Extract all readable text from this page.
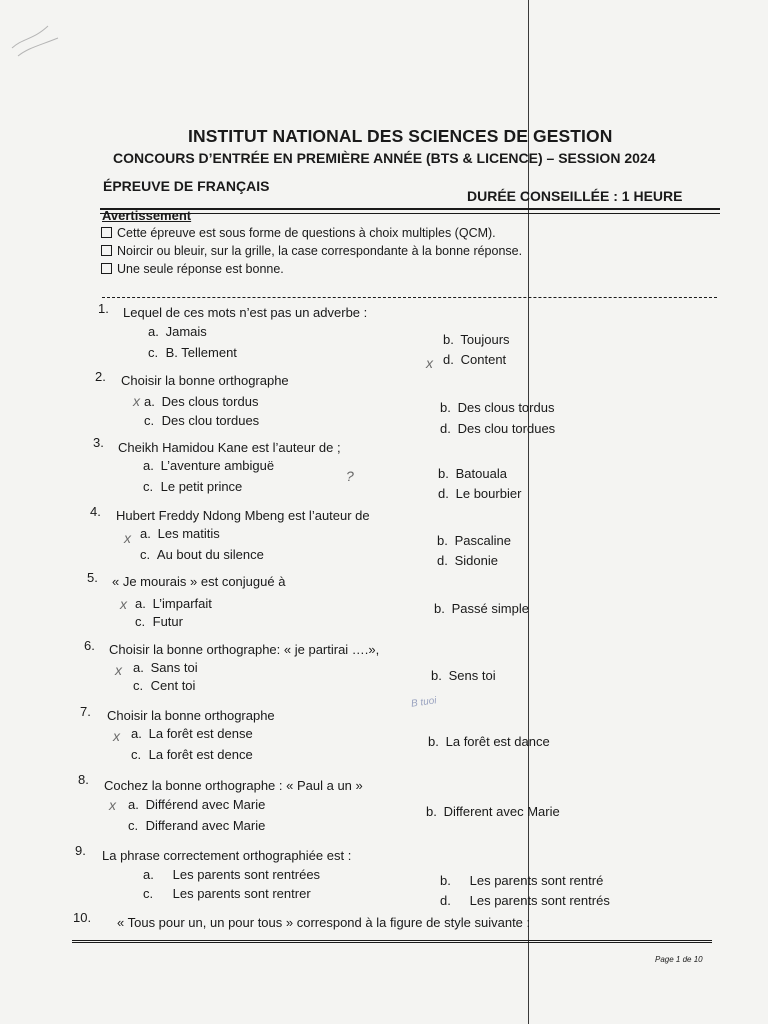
INSTITUT NATIONAL DES SCIENCES DE GESTION
CONCOURS D’ENTRÉE EN PREMIÈRE ANNÉE (BTS & LICENCE) – SESSION 2024
ÉPREUVE DE FRANÇAIS
DURÉE CONSEILLÉE : 1 HEURE
Avertissement
Cette épreuve est sous forme de questions à choix multiples (QCM).
Noircir ou bleuir, sur la grille, la case correspondante à la bonne réponse.
Une seule réponse est bonne.
1. Lequel de ces mots n’est pas un adverbe :
a. Jamais
b. Toujours
c. B. Tellement
x d. Content
2. Choisir la bonne orthographe
x a. Des clous tordus	b. Des clous tordus
c. Des clou tordues
d. Des clou tordues
3. Cheikh Hamidou Kane est l’auteur de ;
a. L’aventure ambiguë
?	b. Batouala
c. Le petit prince	d. Le bourbier
4. Hubert Freddy Ndong Mbeng est l’auteur de
x a. Les matitis	b. Pascaline
c. Au bout du silence	d. Sidonie
5. « Je mourais » est conjugué à
x a. L’imparfait	b. Passé simple
c. Futur
6. Choisir la bonne orthographe: « je partirai ….»,
x a. Sans toi
b. Sens toi
c. Cent toi
B tuoi
7. Choisir la bonne orthographe
x a. La forêt est dense
b. La forêt est dance
c. La forêt est dence
8. Cochez la bonne orthographe : « Paul a un »
x a. Différend avec Marie	b. Different avec Marie
c. Differand avec Marie
9. La phrase correctement orthographiée est :
a. Les parents sont rentrées	b. Les parents sont rentré
c. Les parents sont rentrer	d. Les parents sont rentrés
10. « Tous pour un, un pour tous » correspond à la figure de style suivante :
Page 1 de 10
